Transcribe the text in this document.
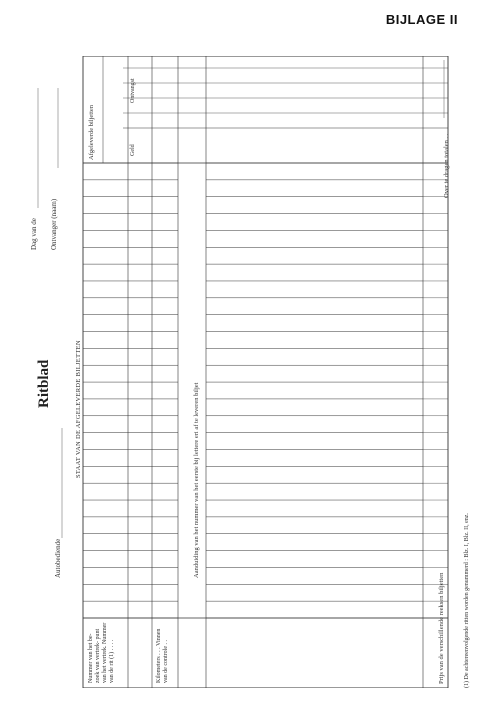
BIJLAGE II
Ritblad
Autobediende
Dag van de Ontvanger (naam)
STAAT VAN DE AFGELEVERDE BILJETTEN
Nummer van het be- zoek van vertrek- punt van het vertrek. Nummer van de rit (1) . . . .	Kilometers . . . Vinnen van de controle . .
Aanduiding van het nummer van het eerste bij lettere eri af te leveren biljet
Prijs van de verschillende reeksen biljetten
Afgeleverde biljetten	Geld
Ontvangst
Over te dragen totalen . .
(1) De achtereenvolgende ritten worden genummerd : Blz. I, Blz. II, enz.
